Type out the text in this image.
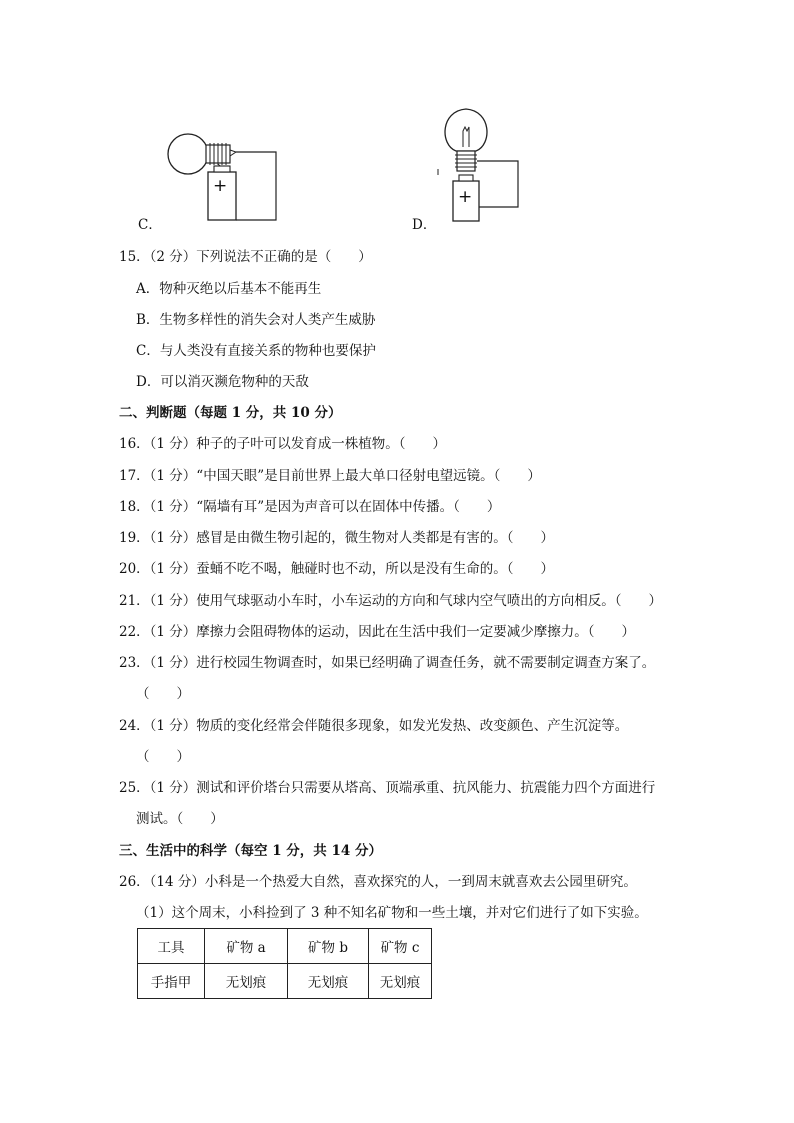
+
C．
+
D．
15．（2 分）下列说法不正确的是（　　）
A．物种灭绝以后基本不能再生
B．生物多样性的消失会对人类产生威胁
C．与人类没有直接关系的物种也要保护
D．可以消灭濒危物种的天敌
二、判断题（每题 1 分，共 10 分）
16．（1 分）种子的子叶可以发育成一株植物。（　　）
17．（1 分）“中国天眼”是目前世界上最大单口径射电望远镜。（　　）
18．（1 分）“隔墙有耳”是因为声音可以在固体中传播。（　　）
19．（1 分）感冒是由微生物引起的，微生物对人类都是有害的。（　　）
20．（1 分）蚕蛹不吃不喝，触碰时也不动，所以是没有生命的。（　　）
21．（1 分）使用气球驱动小车时，小车运动的方向和气球内空气喷出的方向相反。（　　）
22．（1 分）摩擦力会阻碍物体的运动，因此在生活中我们一定要减少摩擦力。（　　）
23．（1 分）进行校园生物调查时，如果已经明确了调查任务，就不需要制定调查方案了。
（　　）
24．（1 分）物质的变化经常会伴随很多现象，如发光发热、改变颜色、产生沉淀等。
（　　）
25．（1 分）测试和评价塔台只需要从塔高、顶端承重、抗风能力、抗震能力四个方面进行
测试。（　　）
三、生活中的科学（每空 1 分，共 14 分）
26．（14 分）小科是一个热爱大自然，喜欢探究的人，一到周末就喜欢去公园里研究。
（1）这个周末，小科捡到了 3 种不知名矿物和一些土壤，并对它们进行了如下实验。
工具	矿物 a	矿物 b	矿物 c
手指甲	无划痕	无划痕	无划痕
